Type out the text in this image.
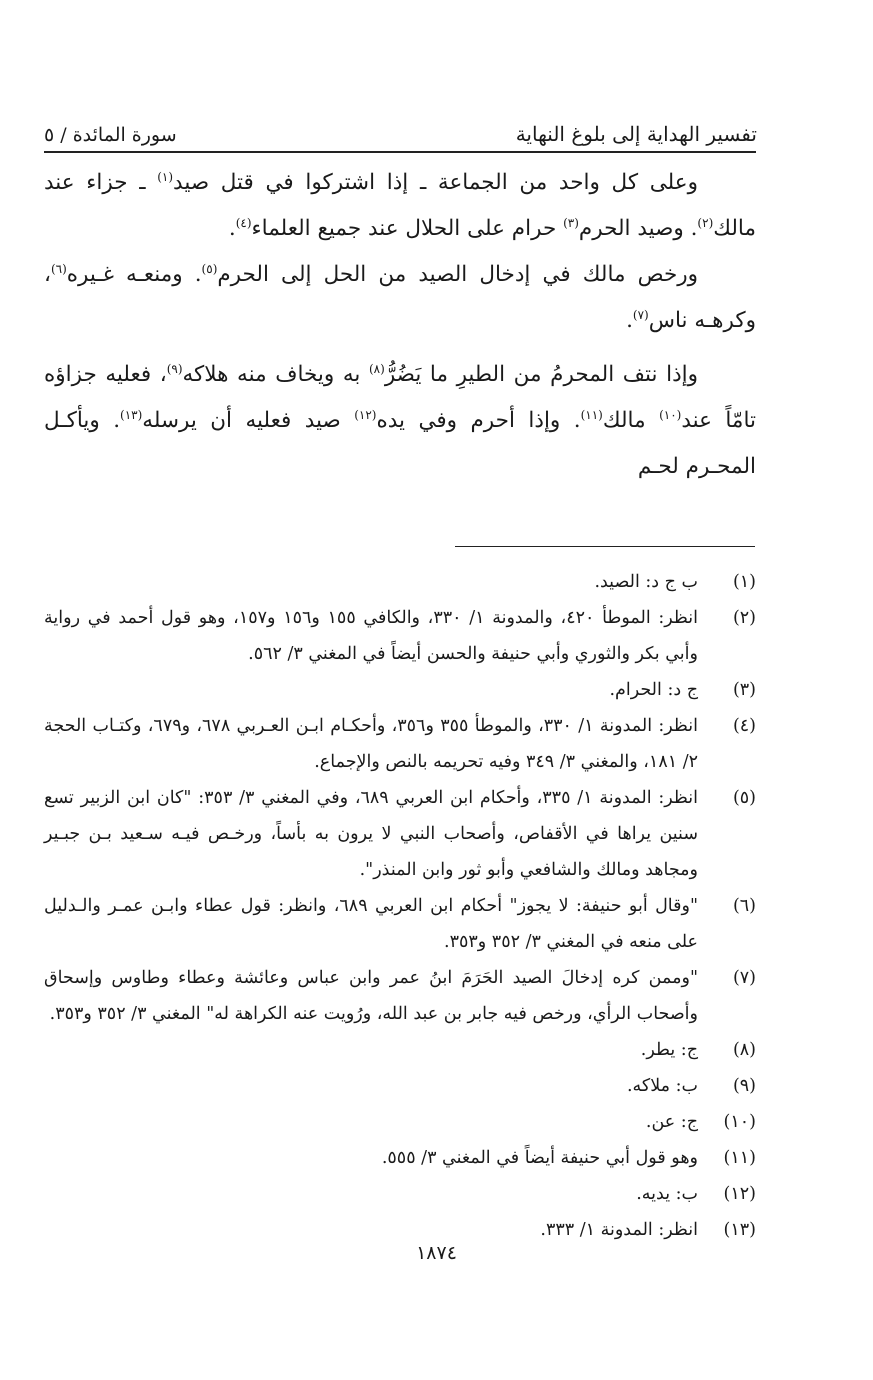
تفسير الهداية إلى بلوغ النهاية
سورة المائدة / ٥

وعلى كل واحد من الجماعة ـ إذا اشتركوا في قتل صيد$^{(١)}$ ـ جزاء عند مالك$^{(٢)}$. وصيد الحرم$^{(٣)}$ حرام على الحلال عند جميع العلماء$^{(٤)}$.

ورخص مالك في إدخال الصيد من الحل إلى الحرم$^{(٥)}$. ومنعـه غـيره$^{(٦)}$، وكرهـه ناس$^{(٧)}$.

وإذا نتف المحرمُ من الطيرِ ما يَضُرُّ$^{(٨)}$ به ويخاف منه هلاكه$^{(٩)}$، فعليه جزاؤه تامّاً عند$^{(١٠)}$ مالك$^{(١١)}$. وإذا أحرم وفي يده$^{(١٢)}$ صيد فعليه أن يرسله$^{(١٣)}$. ويأكـل المحـرم لحـم

(١)
ب ج د: الصيد.
(٢)
انظر: الموطأ ٤٢٠، والمدونة ١/ ٣٣٠، والكافي ١٥٥ و١٥٦ و١٥٧، وهو قول أحمد في رواية وأبي بكر والثوري وأبي حنيفة والحسن أيضاً في المغني ٣/ ٥٦٢.
(٣)
ج د: الحرام.
(٤)
انظر: المدونة ١/ ٣٣٠، والموطأ ٣٥٥ و٣٥٦، وأحكـام ابـن العـربي ٦٧٨، و٦٧٩، وكتـاب الحجة ٢/ ١٨١، والمغني ٣/ ٣٤٩ وفيه تحريمه بالنص والإجماع.
(٥)
انظر: المدونة ١/ ٣٣٥، وأحكام ابن العربي ٦٨٩، وفي المغني ٣/ ٣٥٣: "كان ابن الزبير تسع سنين يراها في الأقفاص، وأصحاب النبي لا يرون به بأساً، ورخـص فيـه سـعيد بـن جبـير ومجاهد ومالك والشافعي وأبو ثور وابن المنذر".
(٦)
"وقال أبو حنيفة: لا يجوز" أحكام ابن العربي ٦٨٩، وانظر: قول عطاء وابـن عمـر والـدليل على منعه في المغني ٣/ ٣٥٢ و٣٥٣.
(٧)
"وممن كره إدخالَ الصيد الحَرَمَ ابنُ عمر وابن عباس وعائشة وعطاء وطاوس وإسحاق وأصحاب الرأي، ورخص فيه جابر بن عبد الله، ورُويت عنه الكراهة له" المغني ٣/ ٣٥٢ و٣٥٣.
(٨)
ج: يطر.
(٩)
ب: ملاكه.
(١٠)
ج: عن.
(١١)
وهو قول أبي حنيفة أيضاً في المغني ٣/ ٥٥٥.
(١٢)
ب: يديه.
(١٣)
انظر: المدونة ١/ ٣٣٣.
١٨٧٤
